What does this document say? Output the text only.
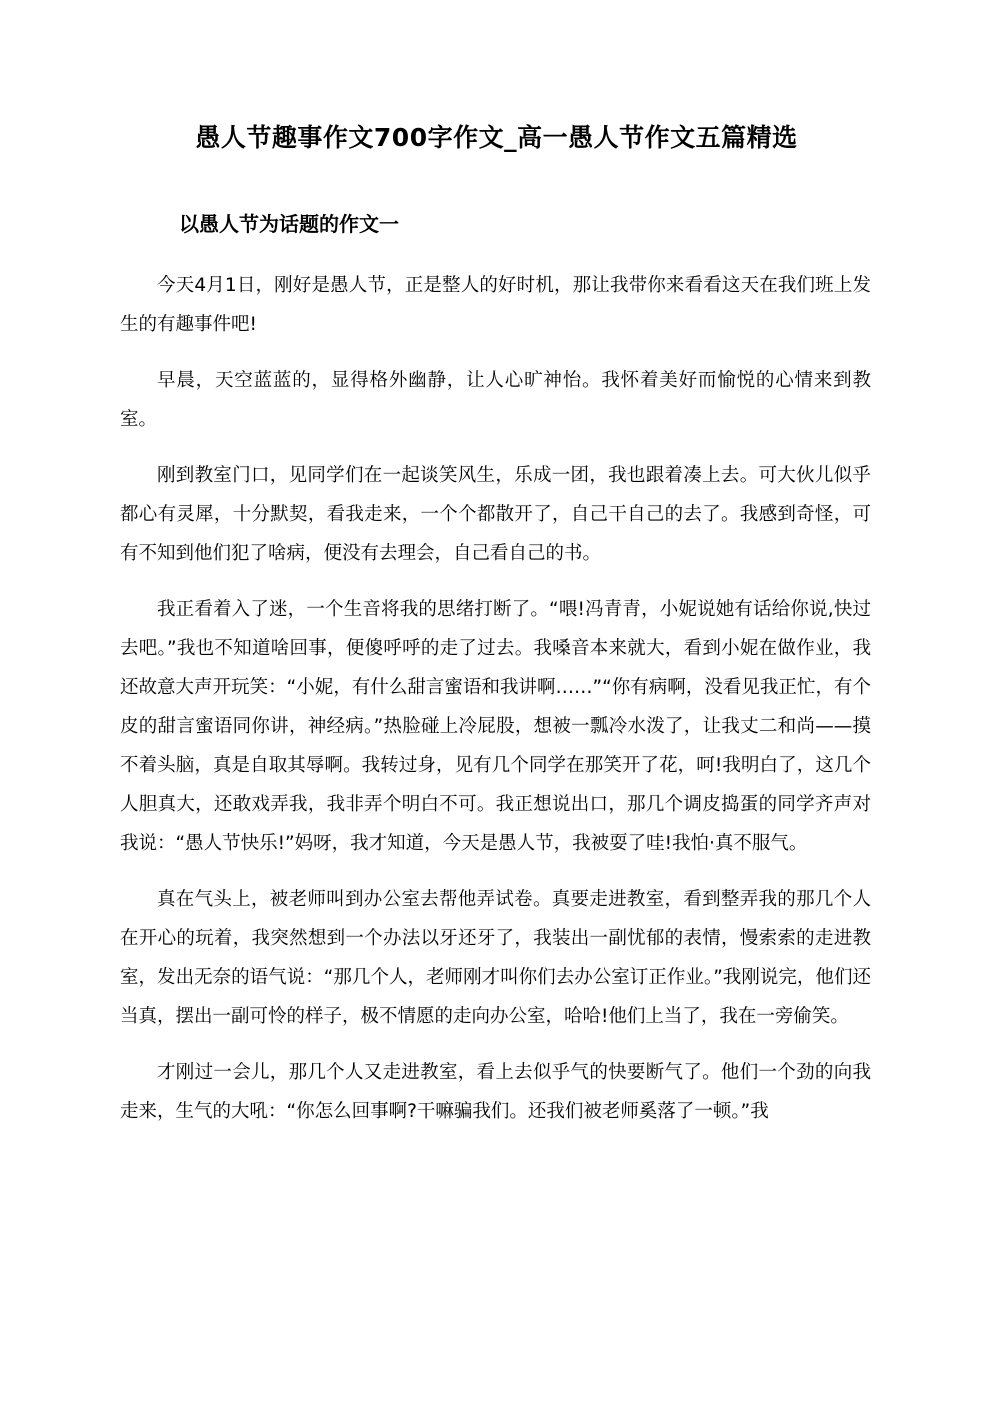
愚人节趣事作文700字作文_高一愚人节作文五篇精选
以愚人节为话题的作文一

今天4月1日，刚好是愚人节，正是整人的好时机，那让我带你来看看这天在我们班上发生的有趣事件吧!

早晨，天空蓝蓝的，显得格外幽静，让人心旷神怡。我怀着美好而愉悦的心情来到教室。

刚到教室门口，见同学们在一起谈笑风生，乐成一团，我也跟着凑上去。可大伙儿似乎都心有灵犀，十分默契，看我走来，一个个都散开了，自己干自己的去了。我感到奇怪，可有不知到他们犯了啥病，便没有去理会，自己看自己的书。

我正看着入了迷，一个生音将我的思绪打断了。“喂!冯青青，小妮说她有话给你说,快过去吧。”我也不知道啥回事，便傻呼呼的走了过去。我嗓音本来就大，看到小妮在做作业，我还故意大声开玩笑：“小妮，有什么甜言蜜语和我讲啊……”“你有病啊，没看见我正忙，有个皮的甜言蜜语同你讲，神经病。”热脸碰上冷屁股，想被一瓢冷水泼了，让我丈二和尚——摸不着头脑，真是自取其辱啊。我转过身，见有几个同学在那笑开了花，呵!我明白了，这几个人胆真大，还敢戏弄我，我非弄个明白不可。我正想说出口，那几个调皮捣蛋的同学齐声对我说：“愚人节快乐!”妈呀，我才知道，今天是愚人节，我被耍了哇!我怕·真不服气。

真在气头上，被老师叫到办公室去帮他弄试卷。真要走进教室，看到整弄我的那几个人在开心的玩着，我突然想到一个办法以牙还牙了，我装出一副忧郁的表情，慢索索的走进教室，发出无奈的语气说：“那几个人，老师刚才叫你们去办公室订正作业。”我刚说完，他们还当真，摆出一副可怜的样子，极不情愿的走向办公室，哈哈!他们上当了，我在一旁偷笑。

才刚过一会儿，那几个人又走进教室，看上去似乎气的快要断气了。他们一个劲的向我走来，生气的大吼：“你怎么回事啊?干嘛骗我们。还我们被老师奚落了一顿。”我
